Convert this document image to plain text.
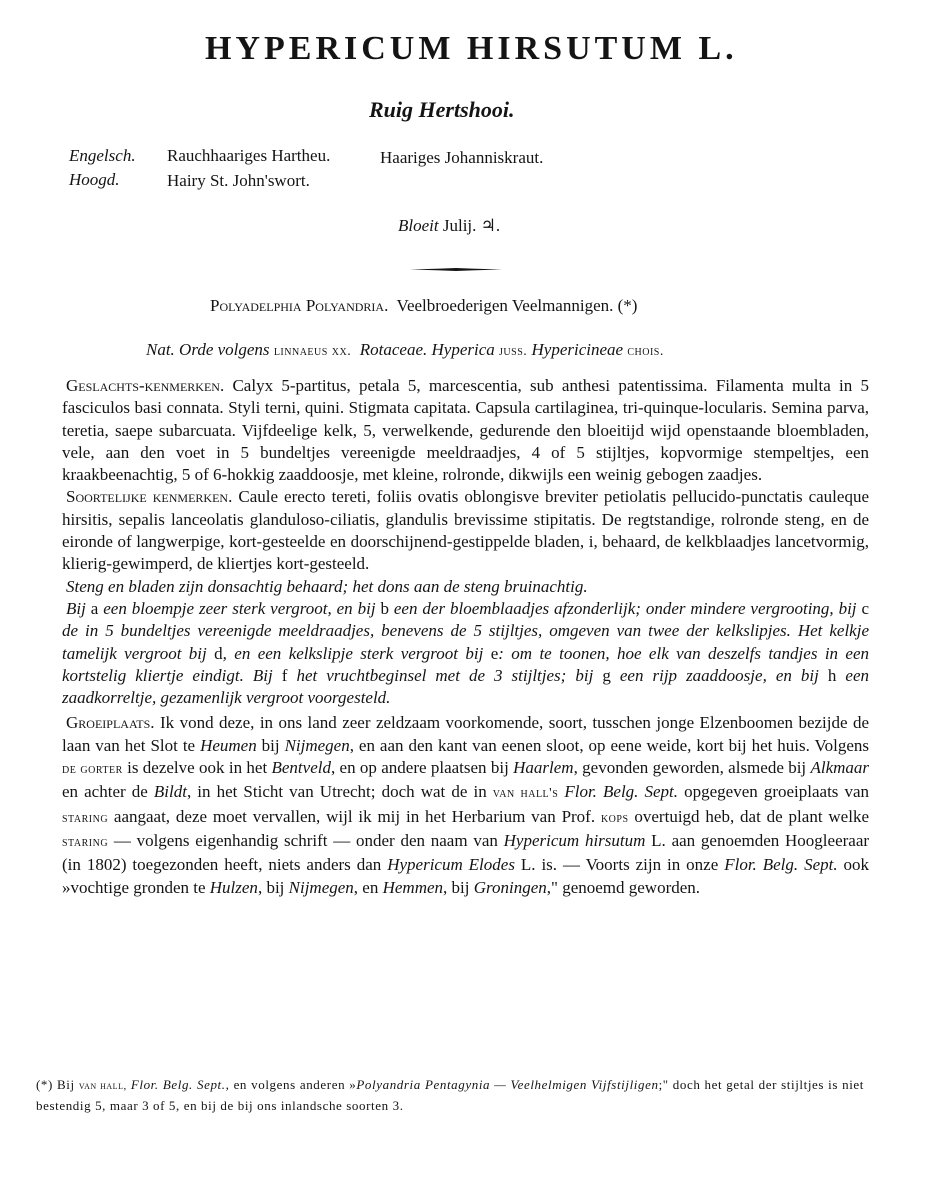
HYPERICUM HIRSUTUM L.
Ruig Hertshooi.
Engelsch.
Hoogd.
Rauchhaariges Hartheu.	Haariges Johanniskraut.
Hairy St. John'swort.
Bloeit Julij. ♃.
Polyadelphia Polyandria. Veelbroederigen Veelmannigen. (*)
Nat. Orde volgens linnaeus xx. Rotaceae. Hyperica juss. Hypericineae chois.

Geslachts-kenmerken. Calyx 5-partitus, petala 5, marcescentia, sub anthesi patentissima. Filamenta multa in 5 fasciculos basi connata. Styli terni, quini. Stigmata capitata. Capsula cartilaginea, tri-quinque-locularis. Semina parva, teretia, saepe subarcuata. Vijfdeelige kelk, 5, verwelkende, gedurende den bloeitijd wijd openstaande bloembladen, vele, aan den voet in 5 bundeltjes vereenigde meeldraadjes, 4 of 5 stijltjes, kopvormige stempeltjes, een kraakbeenachtig, 5 of 6-hokkig zaaddoosje, met kleine, rolronde, dikwijls een weinig gebogen zaadjes.

Soortelijke kenmerken. Caule erecto tereti, foliis ovatis oblongisve breviter petiolatis pellucido-punctatis cauleque hirsitis, sepalis lanceolatis glanduloso-ciliatis, glandulis brevissime stipitatis. De regtstandige, rolronde steng, en de eironde of langwerpige, kort-gesteelde en doorschijnend-gestippelde bladen, i, behaard, de kelkblaadjes lancetvormig, klierig-gewimperd, de kliertjes kort-gesteeld.

Steng en bladen zijn donsachtig behaard; het dons aan de steng bruinachtig.

Bij a een bloempje zeer sterk vergroot, en bij b een der bloemblaadjes afzonderlijk; onder mindere vergrooting, bij c de in 5 bundeltjes vereenigde meeldraadjes, benevens de 5 stijltjes, omgeven van twee der kelkslipjes. Het kelkje tamelijk vergroot bij d, en een kelkslipje sterk vergroot bij e: om te toonen, hoe elk van deszelfs tandjes in een kortstelig kliertje eindigt. Bij f het vruchtbeginsel met de 3 stijltjes; bij g een rijp zaaddoosje, en bij h een zaadkorreltje, gezamenlijk vergroot voorgesteld.

Groeiplaats. Ik vond deze, in ons land zeer zeldzaam voorkomende, soort, tusschen jonge Elzenboomen bezijde de laan van het Slot te Heumen bij Nijmegen, en aan den kant van eenen sloot, op eene weide, kort bij het huis. Volgens de gorter is dezelve ook in het Bentveld, en op andere plaatsen bij Haarlem, gevonden geworden, alsmede bij Alkmaar en achter de Bildt, in het Sticht van Utrecht; doch wat de in van hall's Flor. Belg. Sept. opgegeven groeiplaats van staring aangaat, deze moet vervallen, wijl ik mij in het Herbarium van Prof. kops overtuigd heb, dat de plant welke staring — volgens eigenhandig schrift — onder den naam van Hypericum hirsutum L. aan genoemden Hoogleeraar (in 1802) toegezonden heeft, niets anders dan Hypericum Elodes L. is. — Voorts zijn in onze Flor. Belg. Sept. ook »vochtige gronden te Hulzen, bij Nijmegen, en Hemmen, bij Groningen," genoemd geworden.

(*) Bij van hall, Flor. Belg. Sept., en volgens anderen »Polyandria Pentagynia — Veelhelmigen Vijfstijligen;" doch het getal der stijltjes is niet bestendig 5, maar 3 of 5, en bij de bij ons inlandsche soorten 3.
